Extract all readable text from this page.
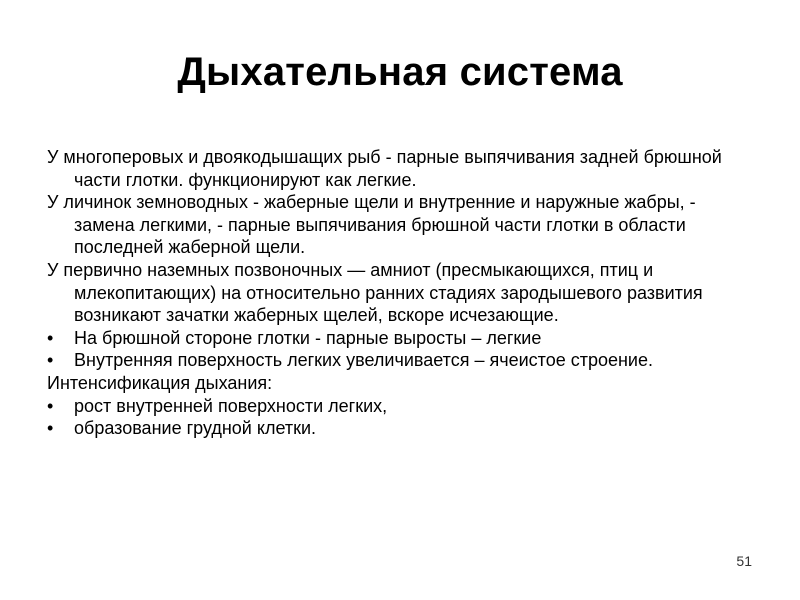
Дыхательная система

У многоперовых и двоякодышащих рыб - парные выпячивания задней брюшной части глотки. функционируют как легкие.

У личинок земноводных - жаберные щели и внутренние и наружные жабры, - замена легкими, - парные выпячивания брюшной части глотки в области последней жаберной щели.

У первично наземных позвоночных — амниот (пресмыкающихся, птиц и млекопитающих) на относительно ранних стадиях зародышевого развития возникают зачатки жаберных щелей, вскоре исчезающие.

•	На брюшной стороне глотки - парные выросты – легкие
•	Внутренняя поверхность легких увеличивается – ячеистое строение.

Интенсификация дыхания:

•	рост внутренней поверхности легких,
•	образование грудной клетки.
51
